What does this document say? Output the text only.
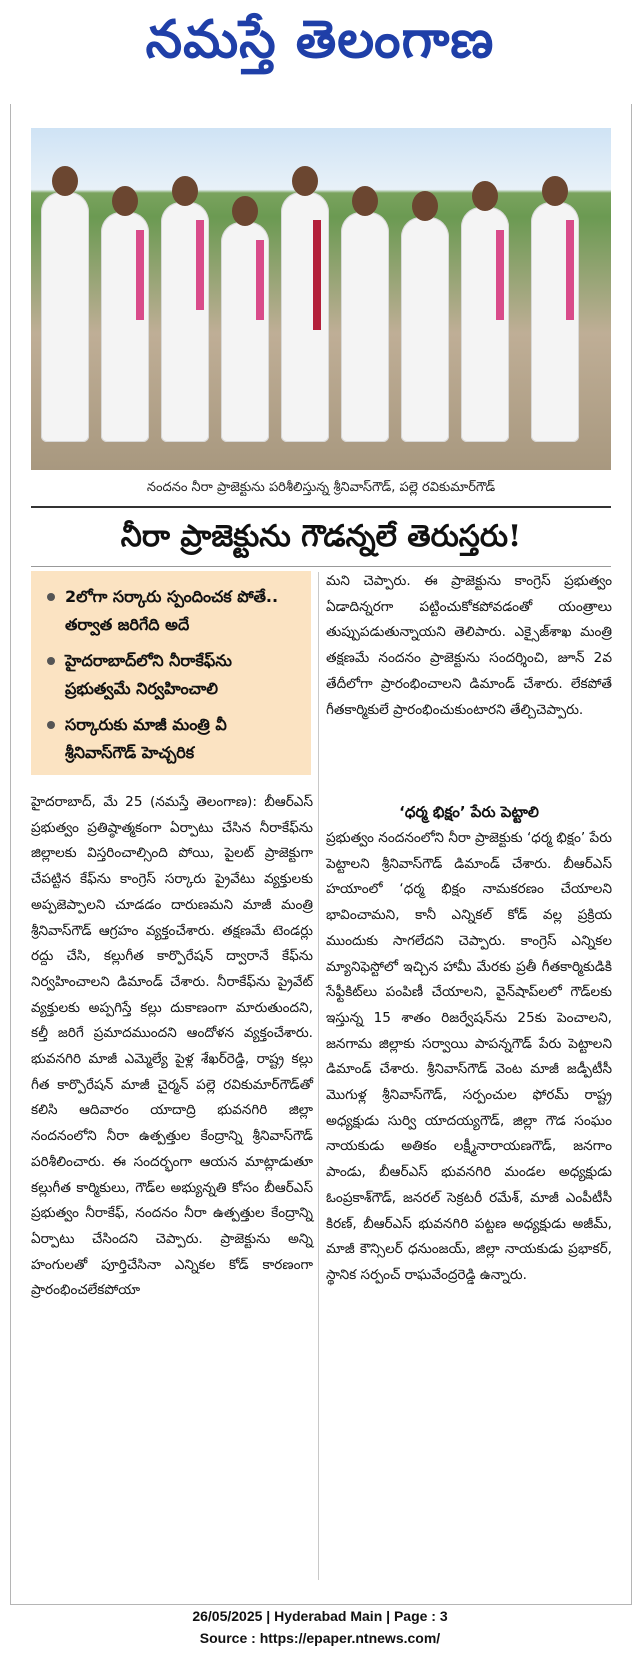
నమస్తే తెలంగాణ
నందనం నీరా ప్రాజెక్టును పరిశీలిస్తున్న శ్రీనివాస్‌గౌడ్, పల్లె రవికుమార్‌గౌడ్
నీరా ప్రాజెక్టును గౌడన్నలే తెరుస్తరు!
2లోగా సర్కారు స్పందించక పోతే.. తర్వాత జరిగేది అదే
హైదరాబాద్‌లోని నీరాకేఫ్‌ను ప్రభుత్వమే నిర్వహించాలి
సర్కారుకు మాజీ మంత్రి వీ శ్రీనివాస్‌గౌడ్ హెచ్చరిక

హైదరాబాద్, మే 25 (నమస్తే తెలంగాణ): బీఆర్‌ఎస్ ప్రభుత్వం ప్రతిష్ఠాత్మకంగా ఏర్పాటు చేసిన నీరాకేఫ్‌ను జిల్లాలకు విస్తరించాల్సింది పోయి, పైలట్ ప్రాజెక్టుగా చేపట్టిన కేఫ్‌ను కాంగ్రెస్ సర్కారు ప్రైవేటు వ్యక్తులకు అప్పజెప్పాలని చూడడం దారుణమని మాజీ మంత్రి శ్రీనివాస్‌గౌడ్ ఆగ్రహం వ్యక్తంచేశారు. తక్షణమే టెండర్లు రద్దు చేసి, కల్లుగీత కార్పొరేషన్ ద్వారానే కేఫ్‌ను నిర్వహించాలని డిమాండ్ చేశారు. నీరాకేఫ్‌ను ప్రైవేట్ వ్యక్తులకు అప్పగిస్తే కల్లు దుకాణంగా మారుతుందని, కల్తీ జరిగే ప్రమాదముందని ఆందోళన వ్యక్తంచేశారు. భువనగిరి మాజీ ఎమ్మెల్యే పైళ్ల శేఖర్‌రెడ్డి, రాష్ట్ర కల్లు గీత కార్పొరేషన్ మాజీ చైర్మన్ పల్లె రవికుమార్‌గౌడ్‌తో కలిసి ఆదివారం యాదాద్రి భువనగిరి జిల్లా నందనంలోని నీరా ఉత్పత్తుల కేంద్రాన్ని శ్రీనివాస్‌గౌడ్ పరిశీలించారు. ఈ సందర్భంగా ఆయన మాట్లాడుతూ కల్లుగీత కార్మికులు, గౌడ్‌ల అభ్యున్నతి కోసం బీఆర్‌ఎస్ ప్రభుత్వం నీరాకేఫ్, నందనం నీరా ఉత్పత్తుల కేంద్రాన్ని ఏర్పాటు చేసిందని చెప్పారు. ప్రాజెక్టును అన్ని హంగులతో పూర్తిచేసినా ఎన్నికల కోడ్ కారణంగా ప్రారంభించలేకపోయా

మని చెప్పారు. ఈ ప్రాజెక్టును కాంగ్రెస్ ప్రభుత్వం ఏడాదిన్నరగా పట్టించుకోకపోవడంతో యంత్రాలు తుప్పుపడుతున్నాయని తెలిపారు. ఎక్సైజ్‌శాఖ మంత్రి తక్షణమే నందనం ప్రాజెక్టును సందర్శించి, జూన్ 2వ తేదీలోగా ప్రారంభించాలని డిమాండ్ చేశారు. లేకపోతే గీతకార్మికులే ప్రారంభించుకుంటారని తేల్చిచెప్పారు.

‘ధర్మ భిక్షం’ పేరు పెట్టాలి

ప్రభుత్వం నందనంలోని నీరా ప్రాజెక్టుకు ‘ధర్మ భిక్షం’ పేరు పెట్టాలని శ్రీనివాస్‌గౌడ్ డిమాండ్ చేశారు. బీఆర్‌ఎస్ హయాంలో ‘ధర్మ భిక్షం నామకరణం చేయాలని భావించామని, కానీ ఎన్నికల్ కోడ్ వల్ల ప్రక్రియ ముందుకు సాగలేదని చెప్పారు. కాంగ్రెస్ ఎన్నికల మ్యానిఫెస్టోలో ఇచ్చిన హామీ మేరకు ప్రతీ గీతకార్మికుడికి సేఫ్టీకిట్‌లు పంపిణీ చేయాలని, వైన్‌షాప్‌లలో గౌడ్‌లకు ఇస్తున్న 15 శాతం రిజర్వేషన్‌ను 25కు పెంచాలని, జనగామ జిల్లాకు సర్వాయి పాపన్నగౌడ్ పేరు పెట్టాలని డిమాండ్ చేశారు. శ్రీనివాస్‌గౌడ్ వెంట మాజీ జడ్పీటీసీ మొగుళ్ల శ్రీనివాస్‌గౌడ్, సర్పంచుల ఫోరమ్ రాష్ట్ర అధ్యక్షుడు సుర్వి యాదయ్యగౌడ్, జిల్లా గౌడ సంఘం నాయకుడు అతికం లక్ష్మీనారాయణగౌడ్, జనగాం పాండు, బీఆర్‌ఎస్ భువనగిరి మండల అధ్యక్షుడు ఓంప్రకాశ్‌గౌడ్, జనరల్ సెక్రటరీ రమేశ్, మాజీ ఎంపీటీసీ కిరణ్, బీఆర్‌ఎస్ భువనగిరి పట్టణ అధ్యక్షుడు అజీమ్, మాజీ కౌన్సిలర్ ధనుంజయ్, జిల్లా నాయకుడు ప్రభాకర్, స్థానిక సర్పంచ్ రాఘవేంద్రరెడ్డి ఉన్నారు.

26/05/2025 | Hyderabad Main | Page : 3
Source : https://epaper.ntnews.com/
